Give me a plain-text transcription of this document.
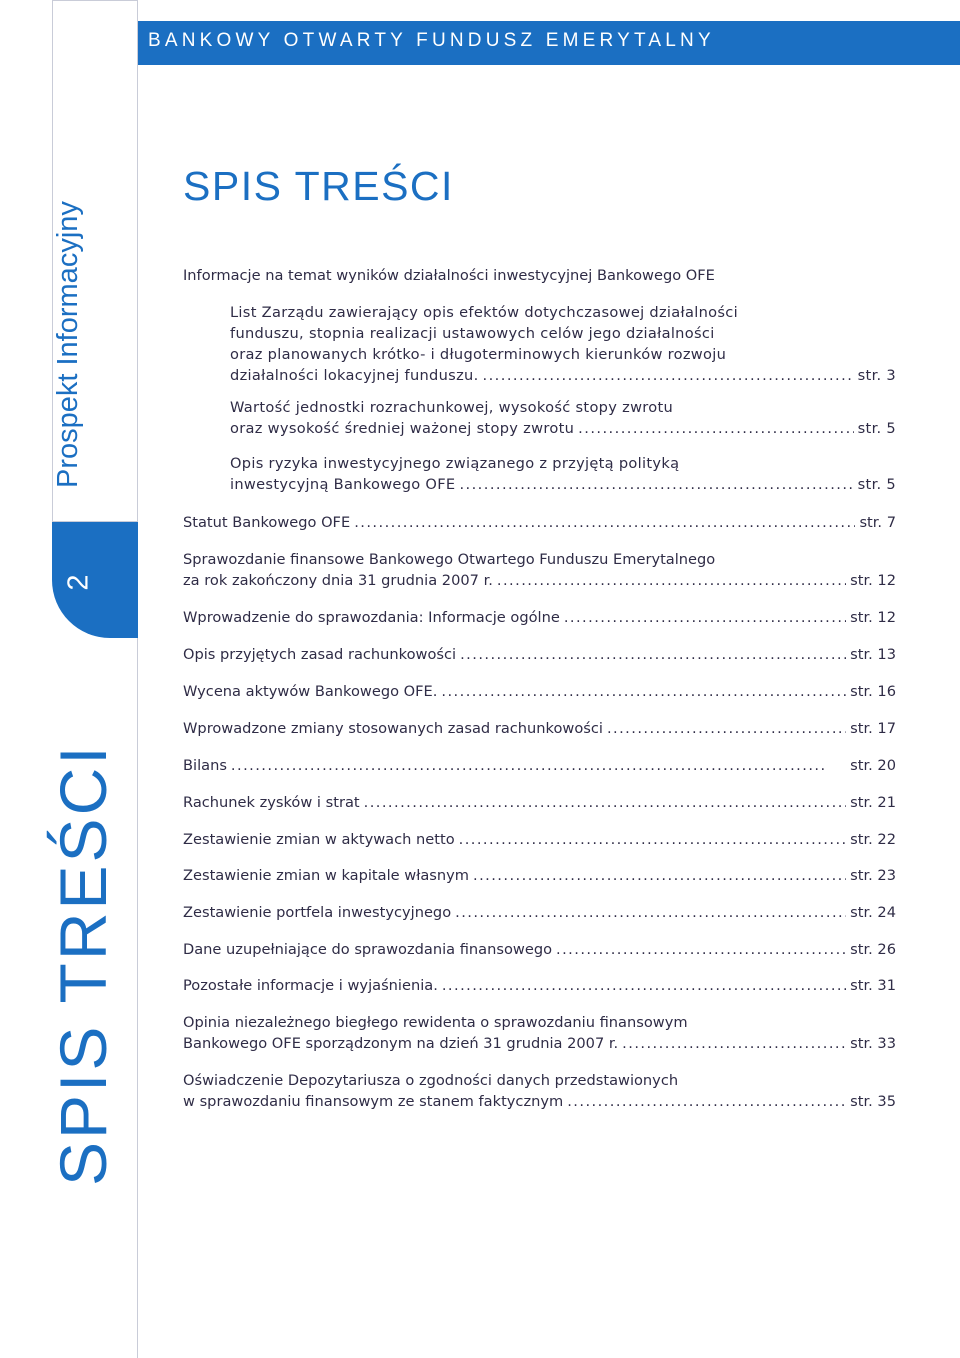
BANKOWY OTWARTY FUNDUSZ EMERYTALNY
Prospekt Informacyjny
2
SPIS TREŚCI
SPIS TREŚCI
Informacje na temat wyników działalności inwestycyjnej Bankowego OFE
List Zarządu zawierający opis efektów dotychczasowej działalności
funduszu, stopnia realizacji ustawowych celów jego działalności
oraz planowanych krótko- i długoterminowych kierunków rozwoju
działalności lokacyjnej funduszu. . . .	str. 3
Wartość jednostki rozrachunkowej, wysokość stopy zwrotu
oraz wysokość średniej ważonej stopy zwrotu . . .	str. 5
Opis ryzyka inwestycyjnego związanego z przyjętą polityką
inwestycyjną Bankowego OFE . . .	str. 5
Statut Bankowego OFE . . .	str. 7
Sprawozdanie finansowe Bankowego Otwartego Funduszu Emerytalnego
za rok zakończony dnia 31 grudnia 2007 r. . . .	str. 12
Wprowadzenie do sprawozdania: Informacje ogólne . . .	str. 12
Opis przyjętych zasad rachunkowości . . .	str. 13
Wycena aktywów Bankowego OFE. . . .	str. 16
Wprowadzone zmiany stosowanych zasad rachunkowości . . .	str. 17
Bilans . . .	str. 20
Rachunek zysków i strat . . .	str. 21
Zestawienie zmian w aktywach netto . . .	str. 22
Zestawienie zmian w kapitale własnym . . .	str. 23
Zestawienie portfela inwestycyjnego . . .	str. 24
Dane uzupełniające do sprawozdania finansowego . . .	str. 26
Pozostałe informacje i wyjaśnienia. . . .	str. 31
Opinia niezależnego biegłego rewidenta o sprawozdaniu finansowym
Bankowego OFE sporządzonym na dzień 31 grudnia 2007 r. . . .	str. 33
Oświadczenie Depozytariusza o zgodności danych przedstawionych
w sprawozdaniu finansowym ze stanem faktycznym . . .	str. 35
